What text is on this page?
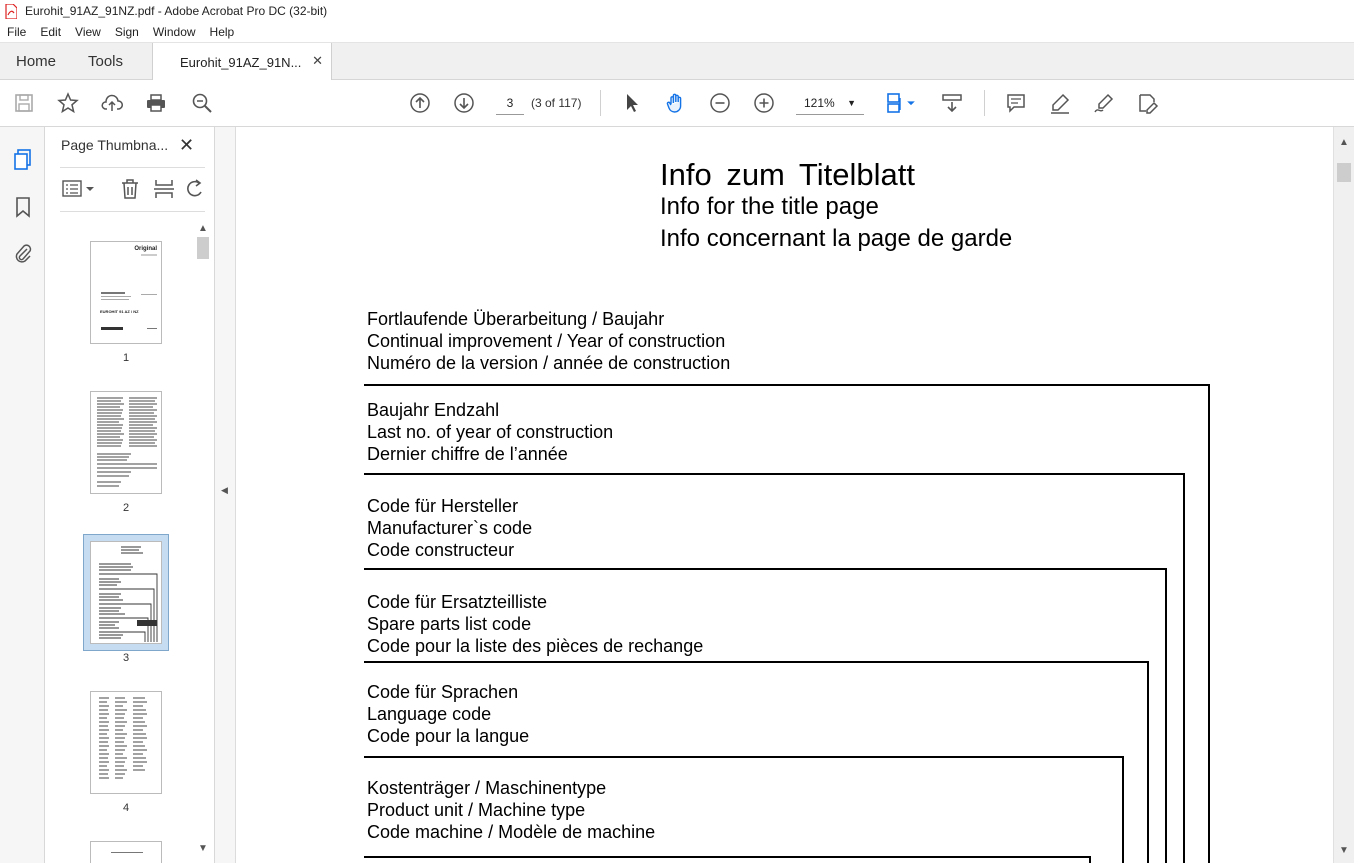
Eurohit_91AZ_91NZ.pdf - Adobe Acrobat Pro DC (32-bit)
File	Edit	View	Sign	Window	Help
Home Tools	Eurohit_91AZ_91N... ✕
3	(3 of 117)	121% ▼
Page Thumbna... ✕
Original
EUROHIT 91 AZ / NZ
1
2
3
4
▲
▼
◀
Info zum Titelblatt
Info for the title page
Info concernant la page de garde
Fortlaufende Überarbeitung / Baujahr
Continual improvement / Year of construction
Numéro de la version / année de construction
Baujahr Endzahl
Last no. of year of construction
Dernier chiffre de l’année
Code für Hersteller
Manufacturer`s code
Code constructeur
Code für Ersatzteilliste
Spare parts list code
Code pour la liste des pièces de rechange
Code für Sprachen
Language code
Code pour la langue
Kostenträger / Maschinentype
Product unit / Machine type
Code machine / Modèle de machine
▲
▼
